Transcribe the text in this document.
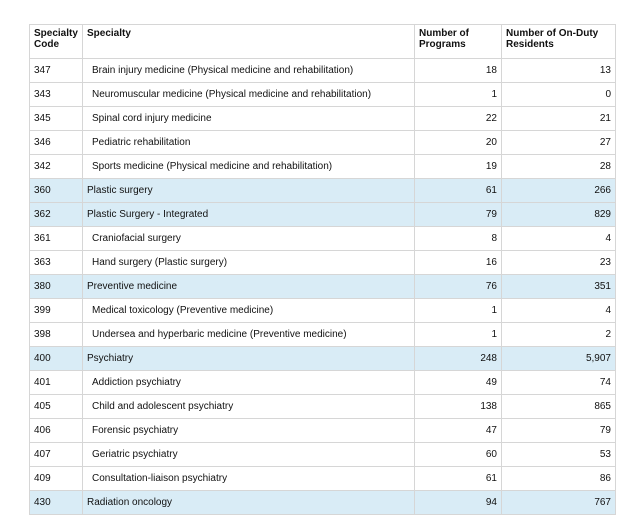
Specialty Code	Specialty	Number of Programs	Number of On-Duty Residents
347	Brain injury medicine (Physical medicine and rehabilitation)	18	13
343	Neuromuscular medicine (Physical medicine and rehabilitation)	1	0
345	Spinal cord injury medicine	22	21
346	Pediatric rehabilitation	20	27
342	Sports medicine (Physical medicine and rehabilitation)	19	28
360	Plastic surgery	61	266
362	Plastic Surgery - Integrated	79	829
361	Craniofacial surgery	8	4
363	Hand surgery (Plastic surgery)	16	23
380	Preventive medicine	76	351
399	Medical toxicology (Preventive medicine)	1	4
398	Undersea and hyperbaric medicine (Preventive medicine)	1	2
400	Psychiatry	248	5,907
401	Addiction psychiatry	49	74
405	Child and adolescent psychiatry	138	865
406	Forensic psychiatry	47	79
407	Geriatric psychiatry	60	53
409	Consultation-liaison psychiatry	61	86
430	Radiation oncology	94	767
